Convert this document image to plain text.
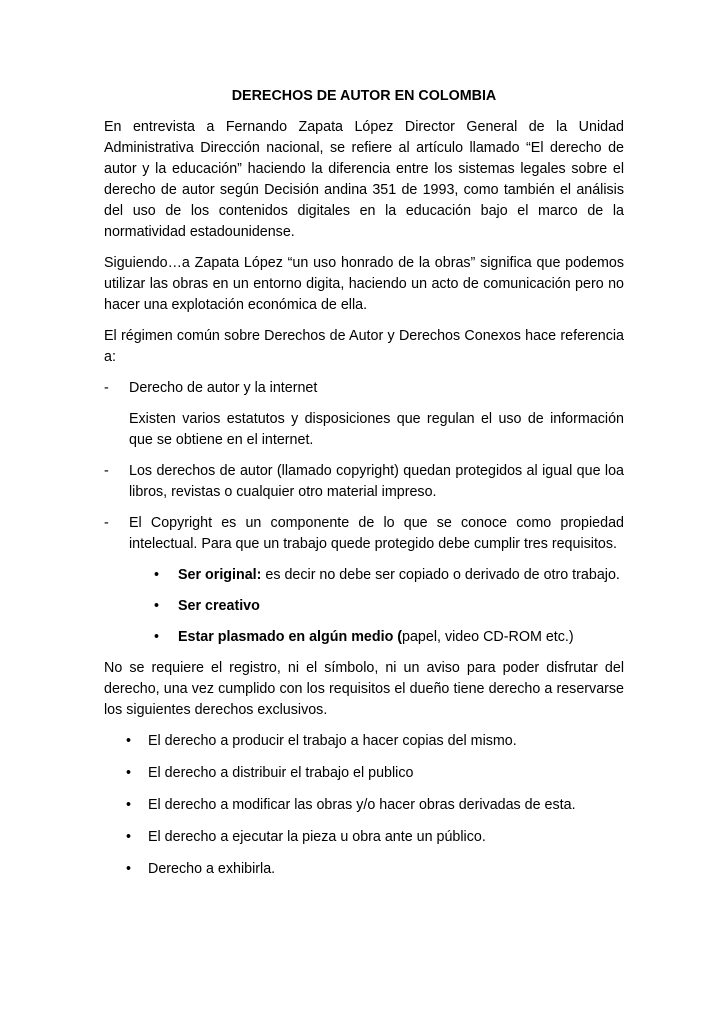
DERECHOS DE AUTOR EN COLOMBIA

En entrevista a Fernando Zapata López Director General de la Unidad Administrativa Dirección nacional, se refiere al artículo llamado “El derecho de autor y la educación” haciendo la diferencia entre los sistemas legales sobre el derecho de autor según Decisión andina 351 de 1993, como también el análisis del uso de los contenidos digitales en la educación bajo el marco de la normatividad estadounidense.

Siguiendo…a Zapata López “un uso honrado de la obras” significa que podemos utilizar las obras en un entorno digita, haciendo un acto de comunicación pero no hacer una explotación económica de ella.

El régimen común sobre Derechos de Autor y Derechos Conexos hace referencia a:

- Derecho de autor y la internet
Existen varios estatutos y disposiciones que regulan el uso de información que se obtiene en el internet.
- Los derechos de autor (llamado copyright) quedan protegidos al igual que loa libros, revistas o cualquier otro material impreso.
- El Copyright es un componente de lo que se conoce como propiedad intelectual. Para que un trabajo quede protegido debe cumplir tres requisitos.
• Ser original: es decir no debe ser copiado o derivado de otro trabajo.
• Ser creativo
• Estar plasmado en algún medio (papel, video CD-ROM etc.)

No se requiere el registro, ni el símbolo, ni un aviso para poder disfrutar del derecho, una vez cumplido con los requisitos el dueño tiene derecho a reservarse los siguientes derechos exclusivos.

• El derecho a producir el trabajo a hacer copias del mismo.
• El derecho a distribuir el trabajo el publico
• El derecho a modificar las obras y/o hacer obras derivadas de esta.
• El derecho a ejecutar la pieza u obra ante un público.
• Derecho a exhibirla.
